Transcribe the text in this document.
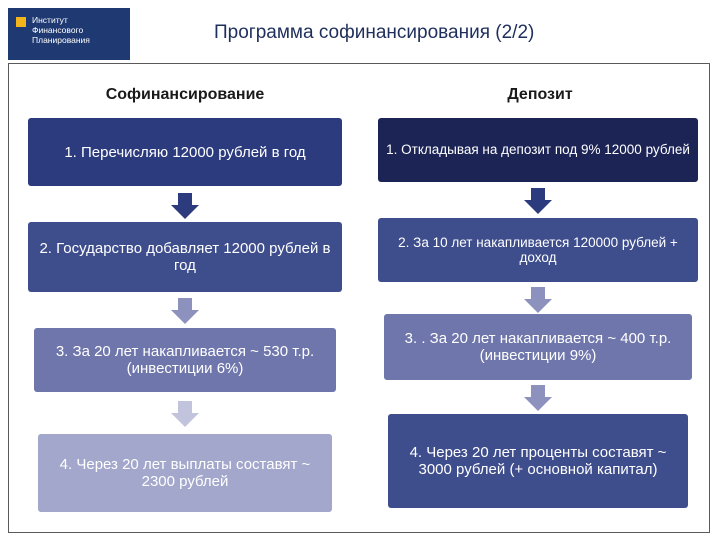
Институт
Финансового
Планирования	Программа софинансирования (2/2)
Софинансирование	Депозит
1. Перечисляю 12000 рублей в год
2. Государство добавляет 12000 рублей в год
3. За 20 лет накапливается ~ 530 т.р. (инвестиции 6%)
4. Через 20 лет выплаты составят ~ 2300 рублей
1. Откладывая на депозит под 9% 12000 рублей
2. За 10 лет накапливается 120000 рублей + доход
3. . За 20 лет накапливается ~ 400 т.р. (инвестиции 9%)
4. Через 20 лет проценты составят ~ 3000 рублей (+ основной капитал)
